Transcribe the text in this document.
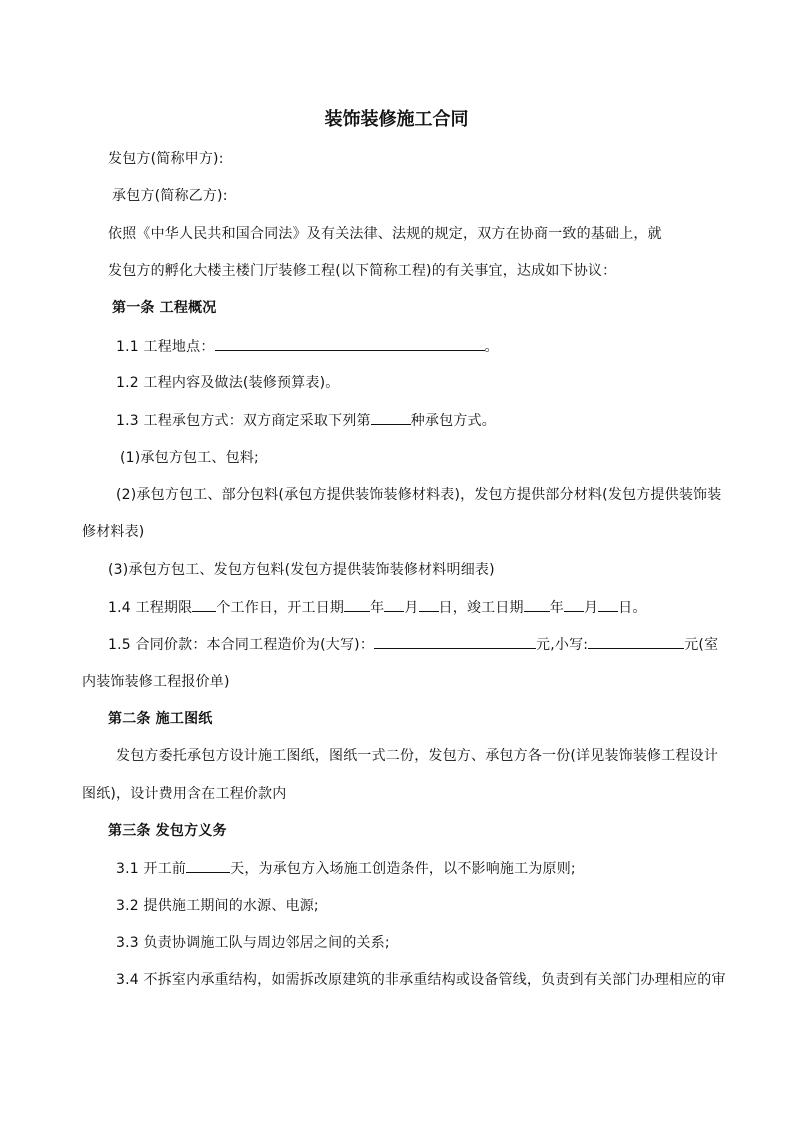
装饰装修施工合同
发包方(简称甲方):
承包方(简称乙方):
依照《中华人民共和国合同法》及有关法律、法规的规定，双方在协商一致的基础上，就
发包方的孵化大楼主楼门厅装修工程(以下简称工程)的有关事宜，达成如下协议：
第一条 工程概况
1.1 工程地点：	。
1.2 工程内容及做法(装修预算表)。
1.3 工程承包方式：双方商定采取下列第	种承包方式。
(1)承包方包工、包料;
(2)承包方包工、部分包料(承包方提供装饰装修材料表)，发包方提供部分材料(发包方提供装饰装
修材料表)
(3)承包方包工、发包方包料(发包方提供装饰装修材料明细表)
1.4 工程期限 个工作日，开工日期 年 月 日，竣工日期 年 月 日。
1.5 合同价款：本合同工程造价为(大写)：	元,小写:	元(室
内装饰装修工程报价单)
第二条 施工图纸
发包方委托承包方设计施工图纸，图纸一式二份，发包方、承包方各一份(详见装饰装修工程设计
图纸)，设计费用含在工程价款内
第三条 发包方义务
3.1 开工前	天，为承包方入场施工创造条件，以不影响施工为原则;
3.2 提供施工期间的水源、电源;
3.3 负责协调施工队与周边邻居之间的关系;
3.4 不拆室内承重结构，如需拆改原建筑的非承重结构或设备管线，负责到有关部门办理相应的审
